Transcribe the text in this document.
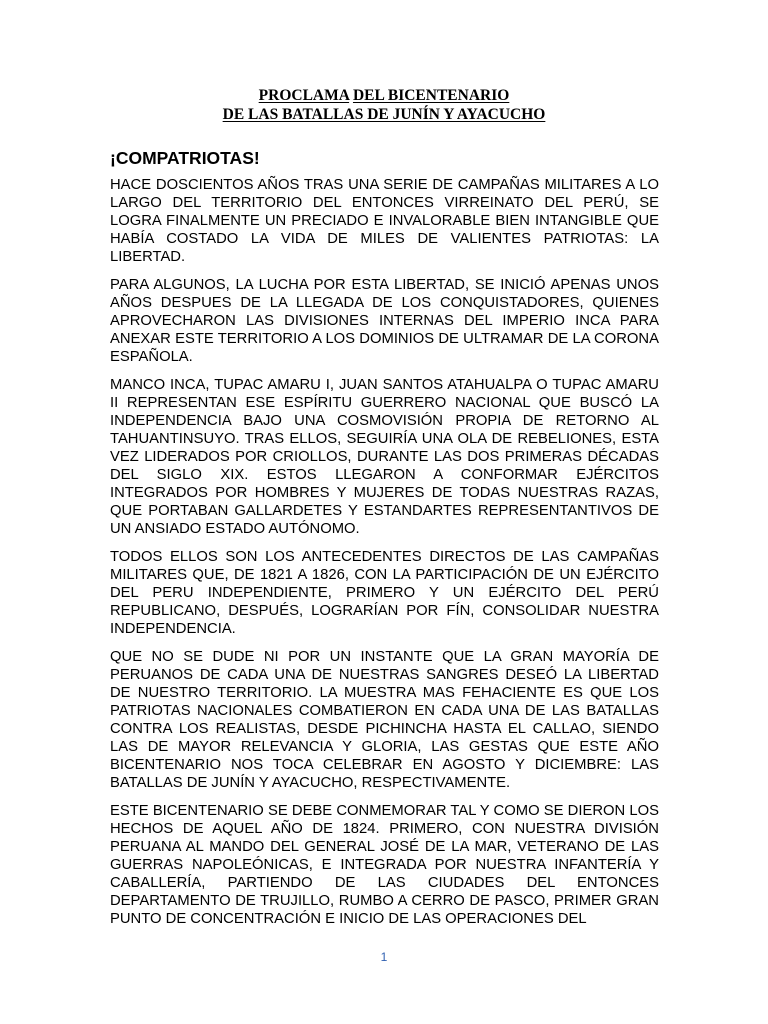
PROCLAMA DEL BICENTENARIO
DE LAS BATALLAS DE JUNÍN Y AYACUCHO

¡COMPATRIOTAS!

HACE DOSCIENTOS AÑOS TRAS UNA SERIE DE CAMPAÑAS MILITARES A LO LARGO DEL TERRITORIO DEL ENTONCES VIRREINATO DEL PERÚ, SE LOGRA FINALMENTE UN PRECIADO E INVALORABLE BIEN INTANGIBLE QUE HABÍA COSTADO LA VIDA DE MILES DE VALIENTES PATRIOTAS: LA LIBERTAD.

PARA ALGUNOS, LA LUCHA POR ESTA LIBERTAD, SE INICIÓ APENAS UNOS AÑOS DESPUES DE LA LLEGADA DE LOS CONQUISTADORES, QUIENES APROVECHARON LAS DIVISIONES INTERNAS DEL IMPERIO INCA PARA ANEXAR ESTE TERRITORIO A LOS DOMINIOS DE ULTRAMAR DE LA CORONA ESPAÑOLA.

MANCO INCA, TUPAC AMARU I, JUAN SANTOS ATAHUALPA O TUPAC AMARU II REPRESENTAN ESE ESPÍRITU GUERRERO NACIONAL QUE BUSCÓ LA INDEPENDENCIA BAJO UNA COSMOVISIÓN PROPIA DE RETORNO AL TAHUANTINSUYO. TRAS ELLOS, SEGUIRÍA UNA OLA DE REBELIONES, ESTA VEZ LIDERADOS POR CRIOLLOS, DURANTE LAS DOS PRIMERAS DÉCADAS DEL SIGLO XIX. ESTOS LLEGARON A CONFORMAR EJÉRCITOS INTEGRADOS POR HOMBRES Y MUJERES DE TODAS NUESTRAS RAZAS, QUE PORTABAN GALLARDETES Y ESTANDARTES REPRESENTANTIVOS DE UN ANSIADO ESTADO AUTÓNOMO.

TODOS ELLOS SON LOS ANTECEDENTES DIRECTOS DE LAS CAMPAÑAS MILITARES QUE, DE 1821 A 1826, CON LA PARTICIPACIÓN DE UN EJÉRCITO DEL PERU INDEPENDIENTE, PRIMERO Y UN EJÉRCITO DEL PERÚ REPUBLICANO, DESPUÉS, LOGRARÍAN POR FÍN, CONSOLIDAR NUESTRA INDEPENDENCIA.

QUE NO SE DUDE NI POR UN INSTANTE QUE LA GRAN MAYORÍA DE PERUANOS DE CADA UNA DE NUESTRAS SANGRES DESEÓ LA LIBERTAD DE NUESTRO TERRITORIO. LA MUESTRA MAS FEHACIENTE ES QUE LOS PATRIOTAS NACIONALES COMBATIERON EN CADA UNA DE LAS BATALLAS CONTRA LOS REALISTAS, DESDE PICHINCHA HASTA EL CALLAO, SIENDO LAS DE MAYOR RELEVANCIA Y GLORIA, LAS GESTAS QUE ESTE AÑO BICENTENARIO NOS TOCA CELEBRAR EN AGOSTO Y DICIEMBRE: LAS BATALLAS DE JUNÍN Y AYACUCHO, RESPECTIVAMENTE.

ESTE BICENTENARIO SE DEBE CONMEMORAR TAL Y COMO SE DIERON LOS HECHOS DE AQUEL AÑO DE 1824. PRIMERO, CON NUESTRA DIVISIÓN PERUANA AL MANDO DEL GENERAL JOSÉ DE LA MAR, VETERANO DE LAS GUERRAS NAPOLEÓNICAS, E INTEGRADA POR NUESTRA INFANTERÍA Y CABALLERÍA, PARTIENDO DE LAS CIUDADES DEL ENTONCES DEPARTAMENTO DE TRUJILLO, RUMBO A CERRO DE PASCO, PRIMER GRAN PUNTO DE CONCENTRACIÓN E INICIO DE LAS OPERACIONES DEL

1
